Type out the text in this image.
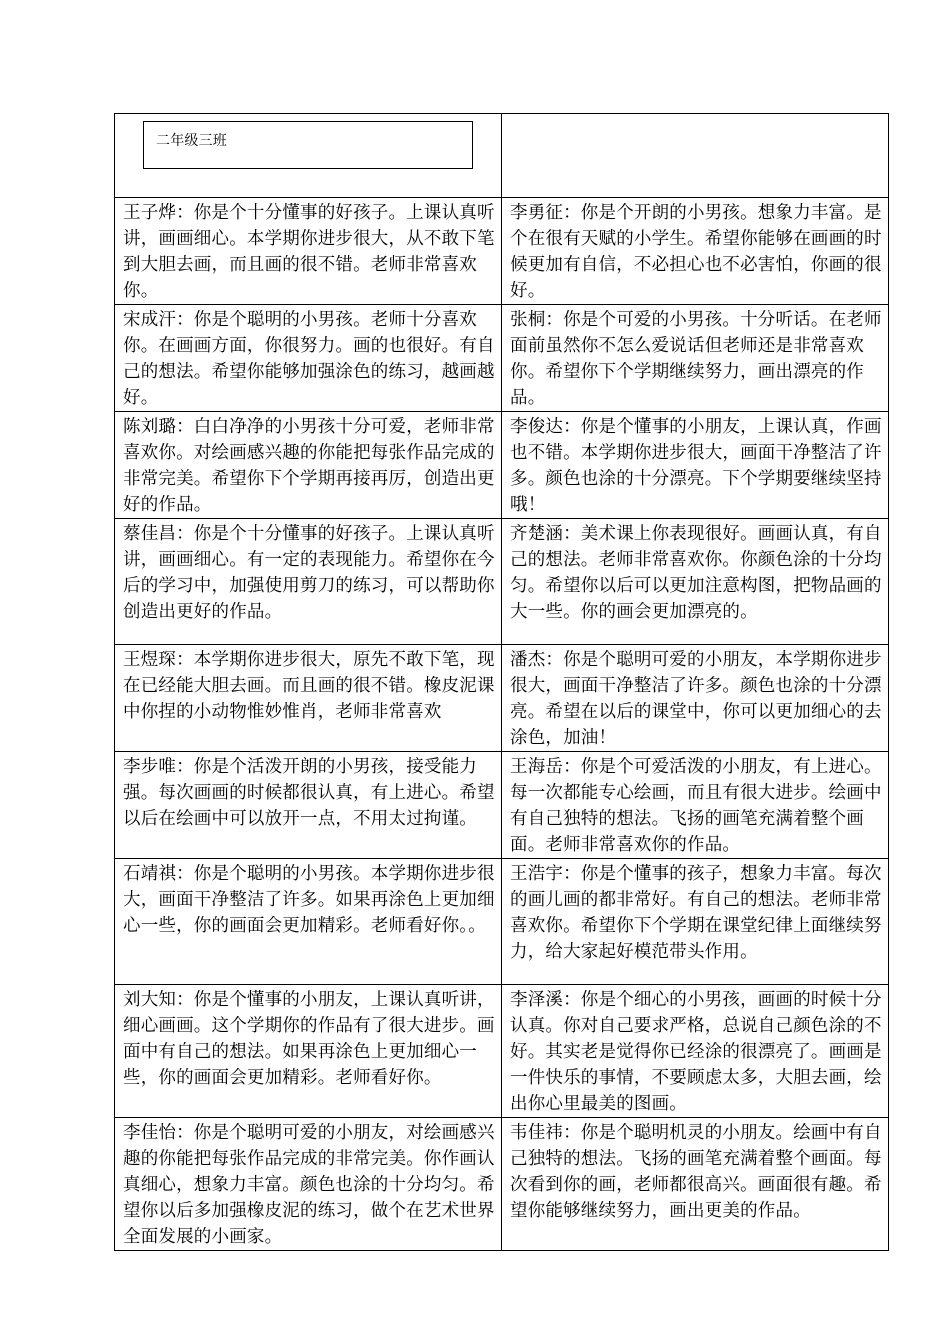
二年级三班	

王子烨：你是个十分懂事的好孩子。上课认真听讲，画画细心。本学期你进步很大，从不敢下笔到大胆去画，而且画的很不错。老师非常喜欢你。	李勇征：你是个开朗的小男孩。想象力丰富。是个在很有天赋的小学生。希望你能够在画画的时候更加有自信，不必担心也不必害怕，你画的很好。
宋成汗：你是个聪明的小男孩。老师十分喜欢你。在画画方面，你很努力。画的也很好。有自己的想法。希望你能够加强涂色的练习，越画越好。	张桐：你是个可爱的小男孩。十分听话。在老师面前虽然你不怎么爱说话但老师还是非常喜欢你。希望你下个学期继续努力，画出漂亮的作品。
陈刘璐：白白净净的小男孩十分可爱，老师非常喜欢你。对绘画感兴趣的你能把每张作品完成的非常完美。希望你下个学期再接再厉，创造出更好的作品。	李俊达：你是个懂事的小朋友，上课认真，作画也不错。本学期你进步很大，画面干净整洁了许多。颜色也涂的十分漂亮。下个学期要继续坚持哦！
蔡佳昌：你是个十分懂事的好孩子。上课认真听讲，画画细心。有一定的表现能力。希望你在今后的学习中，加强使用剪刀的练习，可以帮助你创造出更好的作品。	齐楚涵：美术课上你表现很好。画画认真，有自己的想法。老师非常喜欢你。你颜色涂的十分均匀。希望你以后可以更加注意构图，把物品画的大一些。你的画会更加漂亮的。
王煜琛：本学期你进步很大，原先不敢下笔，现在已经能大胆去画。而且画的很不错。橡皮泥课中你捏的小动物惟妙惟肖，老师非常喜欢	潘杰：你是个聪明可爱的小朋友，本学期你进步很大，画面干净整洁了许多。颜色也涂的十分漂亮。希望在以后的课堂中，你可以更加细心的去涂色，加油！
李步唯：你是个活泼开朗的小男孩，接受能力强。每次画画的时候都很认真，有上进心。希望以后在绘画中可以放开一点，不用太过拘谨。	王海岳：你是个可爱活泼的小朋友，有上进心。每一次都能专心绘画，而且有很大进步。绘画中有自己独特的想法。飞扬的画笔充满着整个画面。老师非常喜欢你的作品。
石靖祺：你是个聪明的小男孩。本学期你进步很大，画面干净整洁了许多。如果再涂色上更加细心一些，你的画面会更加精彩。老师看好你。。	王浩宇：你是个懂事的孩子，想象力丰富。每次的画儿画的都非常好。有自己的想法。老师非常喜欢你。希望你下个学期在课堂纪律上面继续努力，给大家起好模范带头作用。
刘大知：你是个懂事的小朋友，上课认真听讲，细心画画。这个学期你的作品有了很大进步。画面中有自己的想法。如果再涂色上更加细心一些，你的画面会更加精彩。老师看好你。	李泽溪：你是个细心的小男孩，画画的时候十分认真。你对自己要求严格，总说自己颜色涂的不好。其实老是觉得你已经涂的很漂亮了。画画是一件快乐的事情，不要顾虑太多，大胆去画，绘出你心里最美的图画。
李佳怡：你是个聪明可爱的小朋友，对绘画感兴趣的你能把每张作品完成的非常完美。你作画认真细心，想象力丰富。颜色也涂的十分均匀。希望你以后多加强橡皮泥的练习，做个在艺术世界全面发展的小画家。	韦佳祎：你是个聪明机灵的小朋友。绘画中有自己独特的想法。飞扬的画笔充满着整个画面。每次看到你的画，老师都很高兴。画面很有趣。希望你能够继续努力，画出更美的作品。
